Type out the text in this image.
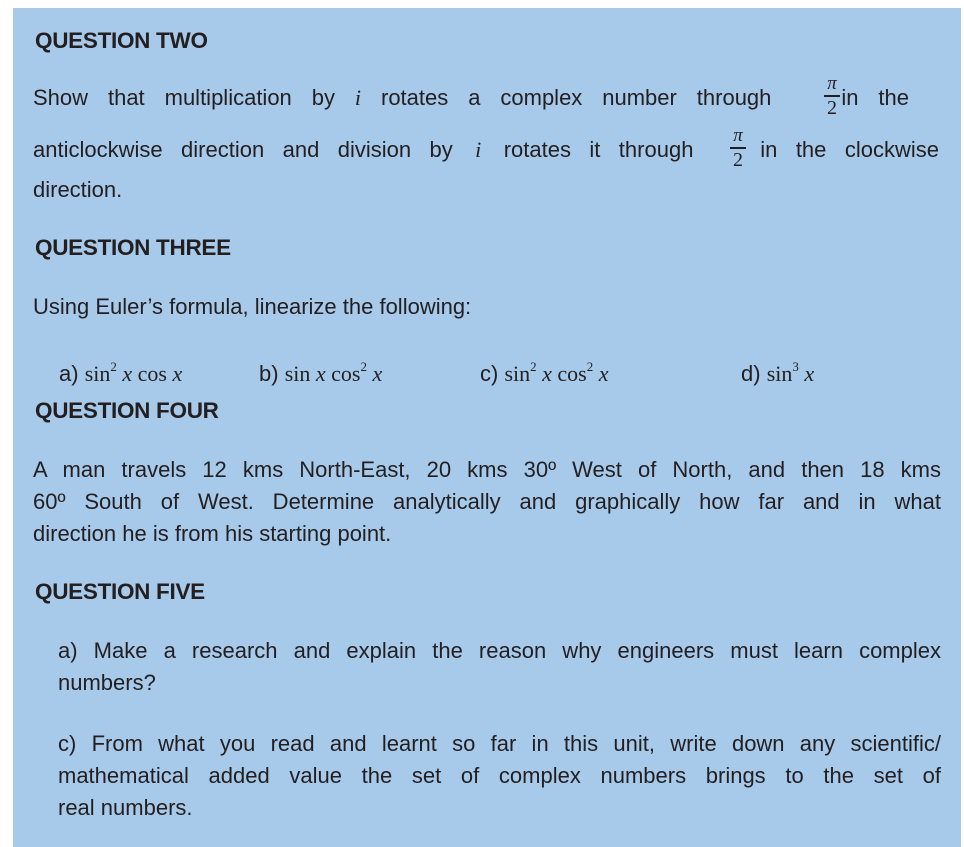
QUESTION TWO
Show that multiplication by i rotates a complex number through	in the
π
2
anticlockwise direction and division by i rotates it through	in the clockwise
π
2
direction.
QUESTION THREE
Using Euler’s formula, linearize the following:
a) $\sin^2 x$ cos x	b) sin x $\cos^2 x$	c) $\sin^2 x$ $\cos^2 x$	d) $\sin^3 x$
QUESTION FOUR
A man travels 12 kms North-East, 20 kms 30º West of North, and then 18 kms
60º South of West. Determine analytically and graphically how far and in what
direction he is from his starting point.
QUESTION FIVE
a) Make a research and explain the reason why engineers must learn complex
numbers?
c) From what you read and learnt so far in this unit, write down any scientific/
mathematical added value the set of complex numbers brings to the set of
real numbers.
